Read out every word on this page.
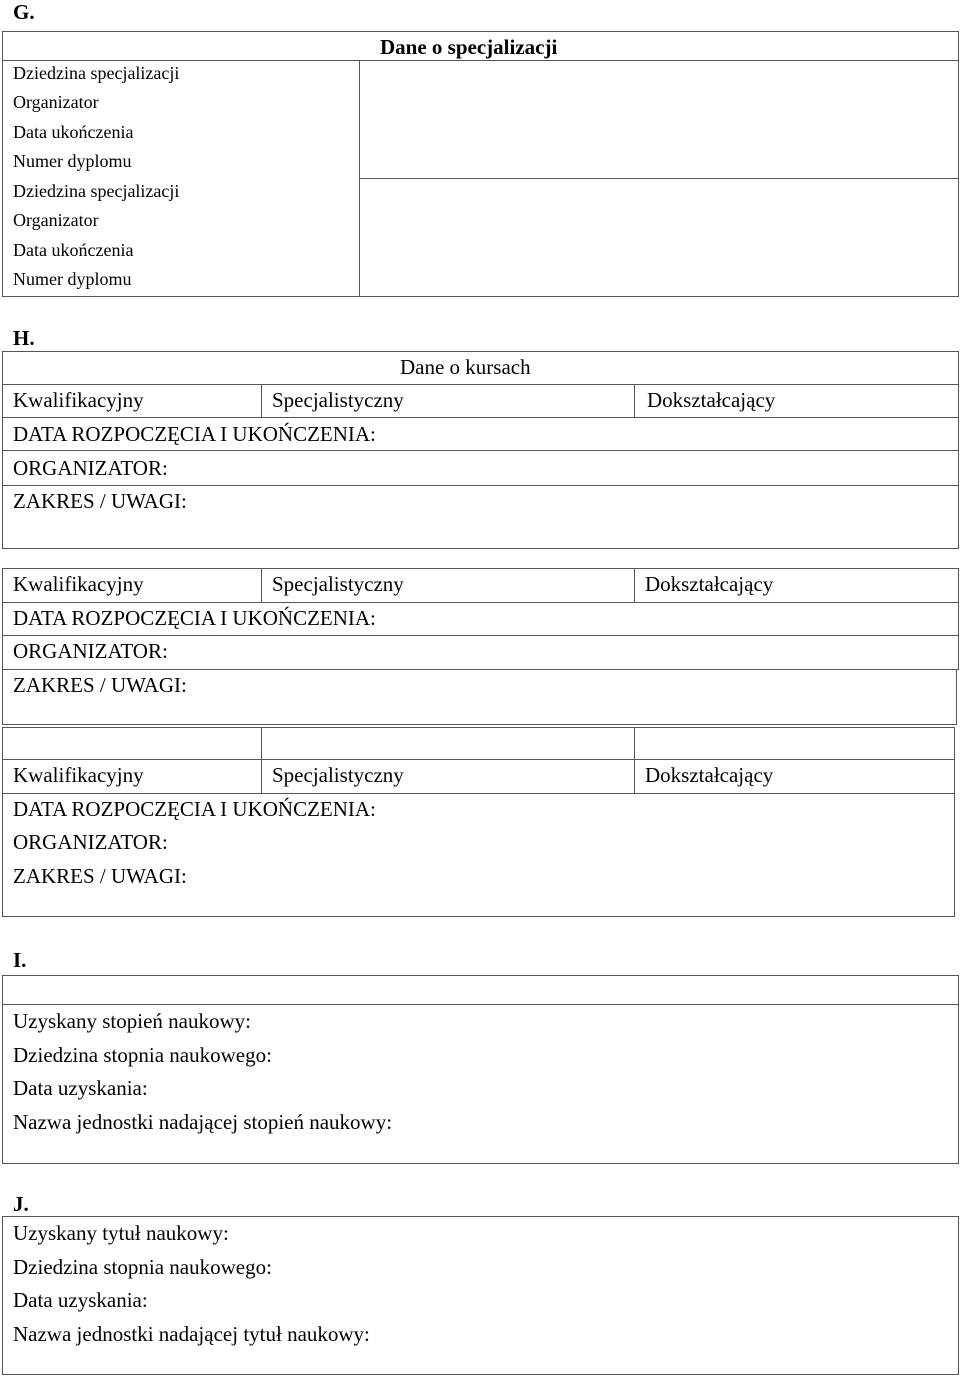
G.
Dane o specjalizacji
Dziedzina specjalizacji
Organizator
Data ukończenia
Numer dyplomu
Dziedzina specjalizacji
Organizator
Data ukończenia
Numer dyplomu
H.
Dane o kursach
Kwalifikacyjny	Specjalistyczny	Dokształcający
DATA ROZPOCZĘCIA I UKOŃCZENIA:
ORGANIZATOR:
ZAKRES / UWAGI:
Kwalifikacyjny	Specjalistyczny	Dokształcający
DATA ROZPOCZĘCIA I UKOŃCZENIA:
ORGANIZATOR:
ZAKRES / UWAGI:
Kwalifikacyjny	Specjalistyczny	Dokształcający
DATA ROZPOCZĘCIA I UKOŃCZENIA:
ORGANIZATOR:
ZAKRES / UWAGI:
I.
Uzyskany stopień naukowy:
Dziedzina stopnia naukowego:
Data uzyskania:
Nazwa jednostki nadającej stopień naukowy:
J.
Uzyskany tytuł naukowy:
Dziedzina stopnia naukowego:
Data uzyskania:
Nazwa jednostki nadającej tytuł naukowy:
